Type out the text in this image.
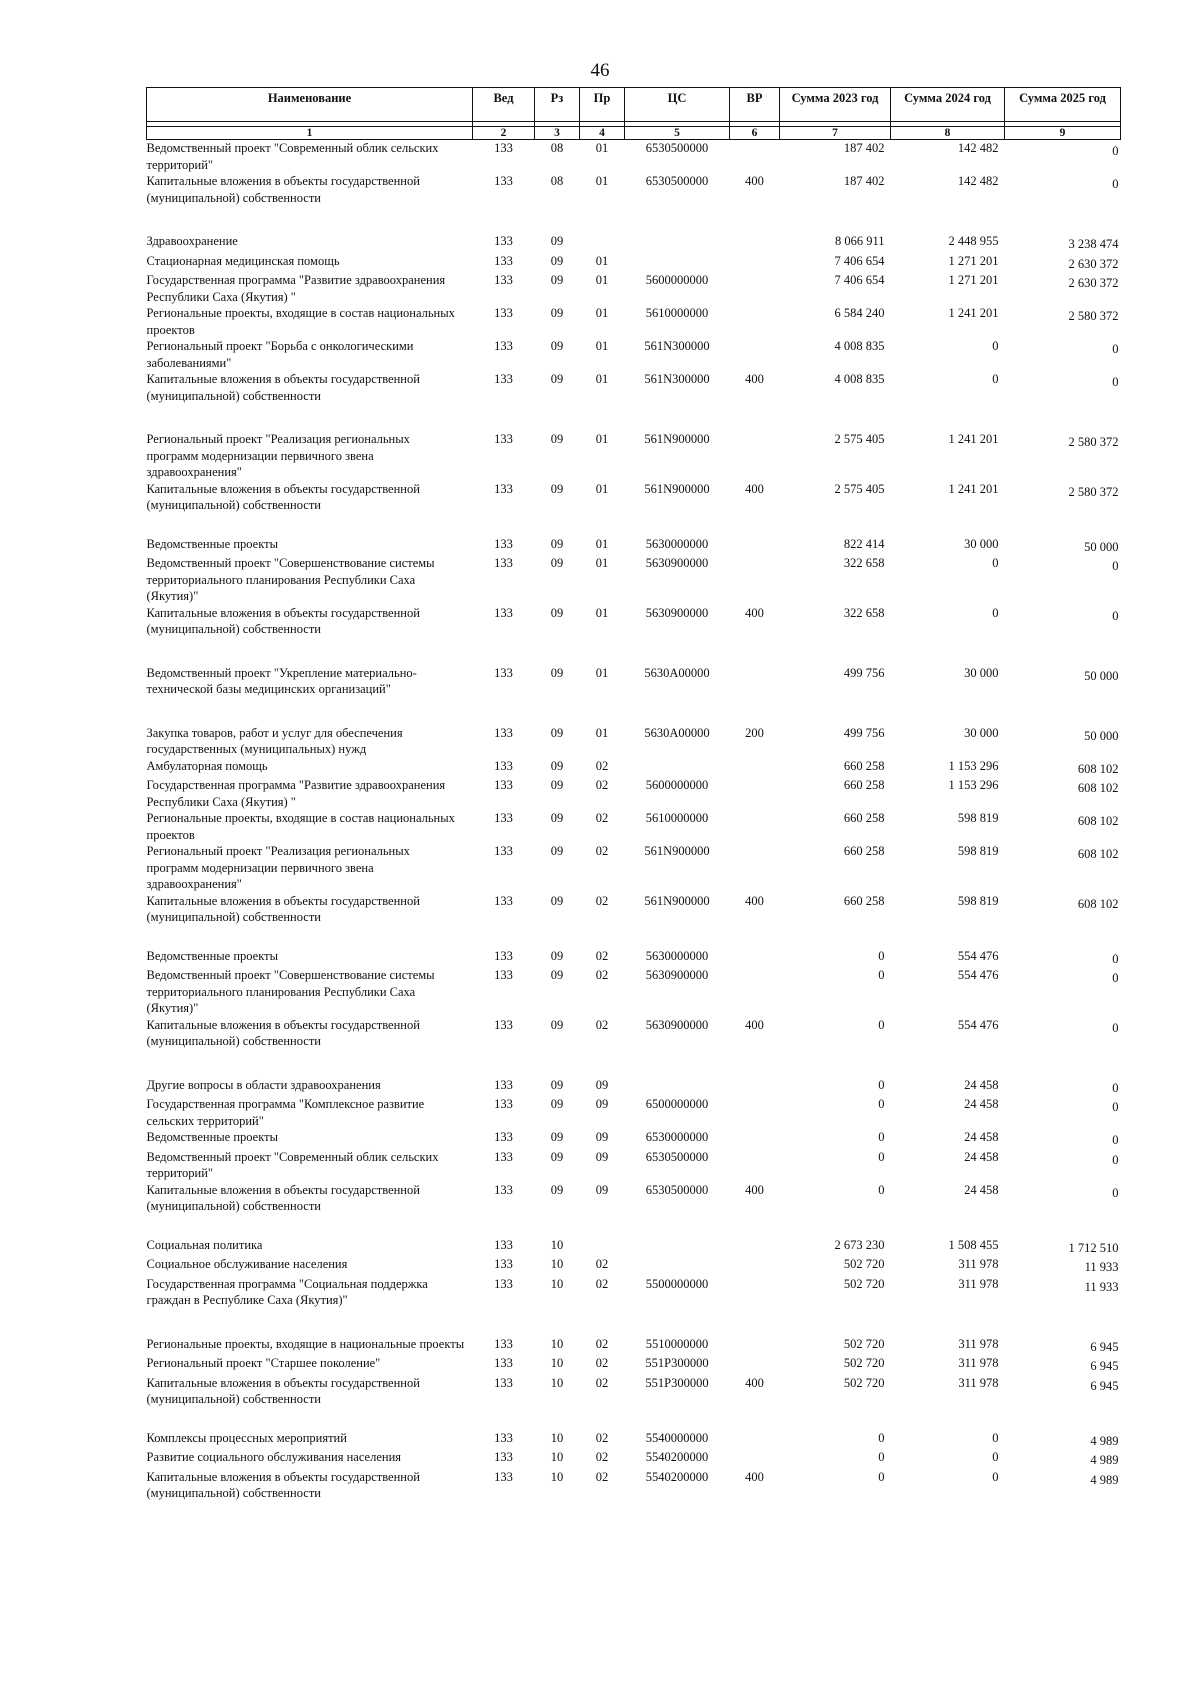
46
Наименование	Вед	Рз	Пр	ЦС	ВР	Сумма 2023 год	Сумма 2024 год	Сумма 2025 год

1	2	3	4	5	6	7	8	9
Ведомственный проект "Современный облик сельских территорий"	133	08	01	6530500000		187 402	142 482	0
Капитальные вложения в объекты государственной (муниципальной) собственности	133	08	01	6530500000	400	187 402	142 482	0
Здравоохранение	133	09				8 066 911	2 448 955	3 238 474
Стационарная медицинская помощь	133	09	01			7 406 654	1 271 201	2 630 372
Государственная программа "Развитие здравоохранения Республики Саха (Якутия) "	133	09	01	5600000000		7 406 654	1 271 201	2 630 372
Региональные проекты, входящие в состав национальных проектов	133	09	01	5610000000		6 584 240	1 241 201	2 580 372
Региональный проект "Борьба с онкологическими заболеваниями"	133	09	01	561N300000		4 008 835	0	0
Капитальные вложения в объекты государственной (муниципальной) собственности	133	09	01	561N300000	400	4 008 835	0	0
Региональный проект "Реализация региональных программ модернизации первичного звена здравоохранения"	133	09	01	561N900000		2 575 405	1 241 201	2 580 372
Капитальные вложения в объекты государственной (муниципальной) собственности	133	09	01	561N900000	400	2 575 405	1 241 201	2 580 372
Ведомственные проекты	133	09	01	5630000000		822 414	30 000	50 000
Ведомственный проект "Совершенствование системы территориального планирования Республики Саха (Якутия)"	133	09	01	5630900000		322 658	0	0
Капитальные вложения в объекты государственной (муниципальной) собственности	133	09	01	5630900000	400	322 658	0	0
Ведомственный проект "Укрепление материально-технической базы медицинских организаций"	133	09	01	5630A00000		499 756	30 000	50 000
Закупка товаров, работ и услуг для обеспечения государственных (муниципальных) нужд	133	09	01	5630A00000	200	499 756	30 000	50 000
Амбулаторная помощь	133	09	02			660 258	1 153 296	608 102
Государственная программа "Развитие здравоохранения Республики Саха (Якутия) "	133	09	02	5600000000		660 258	1 153 296	608 102
Региональные проекты, входящие в состав национальных проектов	133	09	02	5610000000		660 258	598 819	608 102
Региональный проект "Реализация региональных программ модернизации первичного звена здравоохранения"	133	09	02	561N900000		660 258	598 819	608 102
Капитальные вложения в объекты государственной (муниципальной) собственности	133	09	02	561N900000	400	660 258	598 819	608 102
Ведомственные проекты	133	09	02	5630000000		0	554 476	0
Ведомственный проект "Совершенствование системы территориального планирования Республики Саха (Якутия)"	133	09	02	5630900000		0	554 476	0
Капитальные вложения в объекты государственной (муниципальной) собственности	133	09	02	5630900000	400	0	554 476	0
Другие вопросы в области здравоохранения	133	09	09			0	24 458	0
Государственная программа "Комплексное развитие сельских территорий"	133	09	09	6500000000		0	24 458	0
Ведомственные проекты	133	09	09	6530000000		0	24 458	0
Ведомственный проект "Современный облик сельских территорий"	133	09	09	6530500000		0	24 458	0
Капитальные вложения в объекты государственной (муниципальной) собственности	133	09	09	6530500000	400	0	24 458	0
Социальная политика	133	10				2 673 230	1 508 455	1 712 510
Социальное обслуживание населения	133	10	02			502 720	311 978	11 933
Государственная программа "Социальная поддержка граждан в Республике Саха (Якутия)"	133	10	02	5500000000		502 720	311 978	11 933
Региональные проекты, входящие в национальные проекты	133	10	02	5510000000		502 720	311 978	6 945
Региональный проект "Старшее поколение"	133	10	02	551P300000		502 720	311 978	6 945
Капитальные вложения в объекты государственной (муниципальной) собственности	133	10	02	551P300000	400	502 720	311 978	6 945
Комплексы процессных мероприятий	133	10	02	5540000000		0	0	4 989
Развитие социального обслуживания населения	133	10	02	5540200000		0	0	4 989
Капитальные вложения в объекты государственной (муниципальной) собственности	133	10	02	5540200000	400	0	0	4 989
